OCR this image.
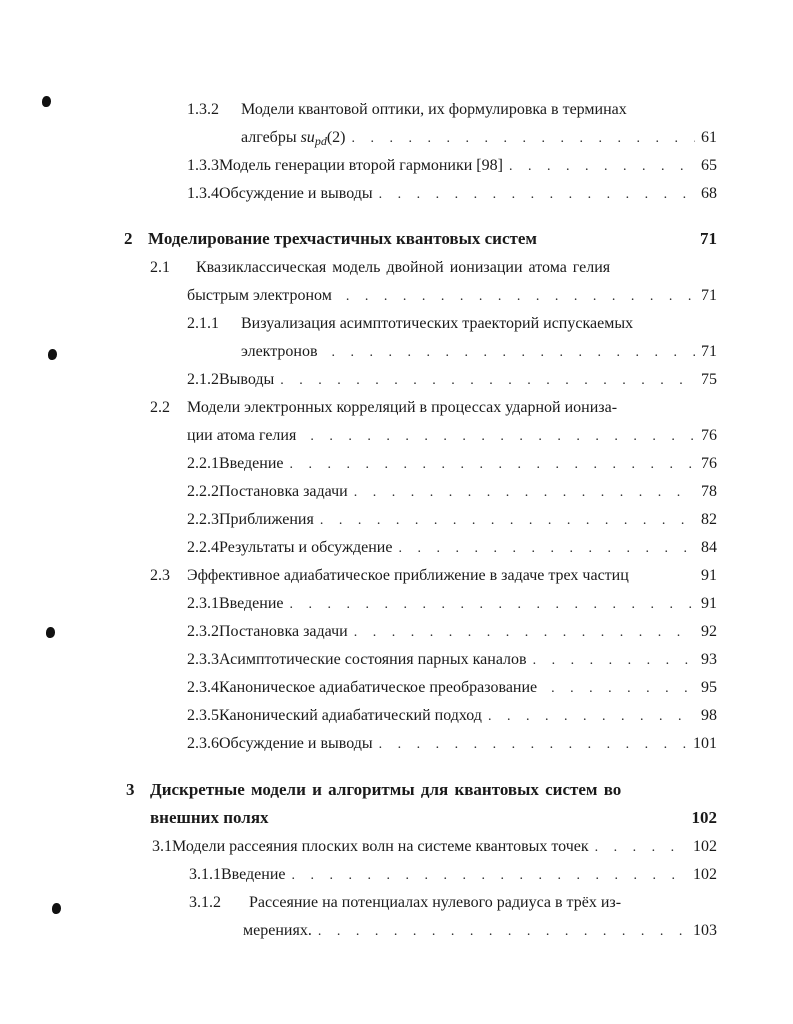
1.3.2	Модели квантовой оптики, их формулировка в терминах
алгебры $su_{pd}(2)$ . . .	61
1.3.3 Модель генерации второй гармоники [98] . . .	65
1.3.4 Обсуждение и выводы . . .	68
2 Моделирование трехчастичных квантовых систем	71
2.1	Квазиклассическая модель двойной ионизации атома гелия
быстрым электроном . . .	71
2.1.1	Визуализация асимптотических траекторий испускаемых
электронов . . .	71
2.1.2 Выводы . . .	75
2.2	Модели электронных корреляций в процессах ударной иониза-
ции атома гелия . . .	76
2.2.1 Введение . . .	76
2.2.2 Постановка задачи . . .	78
2.2.3 Приближения . . .	82
2.2.4 Результаты и обсуждение . . .	84
2.3	Эффективное адиабатическое приближение в задаче трех частиц	91
2.3.1 Введение . . .	91
2.3.2 Постановка задачи . . .	92
2.3.3 Асимптотические состояния парных каналов . . .	93
2.3.4 Каноническое адиабатическое преобразование . . .	95
2.3.5 Канонический адиабатический подход . . .	98
2.3.6 Обсуждение и выводы . . .	101
3 Дискретные модели и алгоритмы для квантовых систем во
внешних полях	102
3.1 Модели рассеяния плоских волн на системе квантовых точек . . .	102
3.1.1 Введение . . .	102
3.1.2	Рассеяние на потенциалах нулевого радиуса в трёх из-
мерениях. . . .	103
